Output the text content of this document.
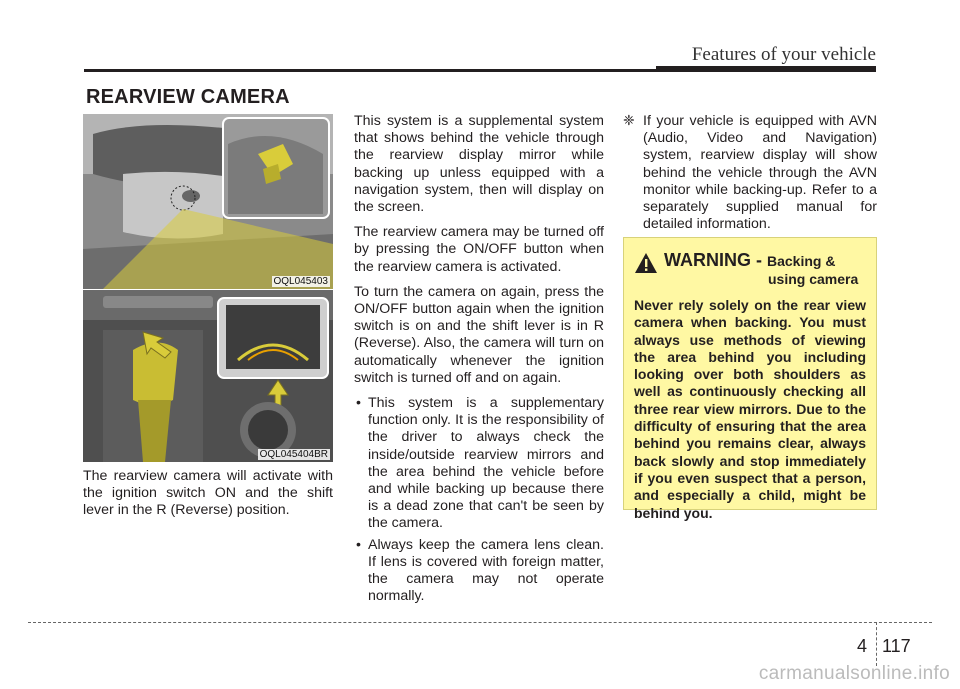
Features of your vehicle
REARVIEW CAMERA
OQL045403
OQL045404BR

The rearview camera will activate with the ignition switch ON and the shift lever in the R (Reverse) position.

This system is a supplemental system that shows behind the vehicle through the rearview display mirror while backing up unless equipped with a navigation system, then will display on the screen.

The rearview camera may be turned off by pressing the ON/OFF button when the rearview camera is activated.

To turn the camera on again, press the ON/OFF button again when the ignition switch is on and the shift lever is in R (Reverse). Also, the camera will turn on automatically whenever the ignition switch is turned off and on again.

• This system is a supplementary function only. It is the responsibility of the driver to always check the inside/outside rearview mirrors and the area behind the vehicle before and while backing up because there is a dead zone that can't be seen by the camera.
• Always keep the camera lens clean. If lens is covered with foreign matter, the camera may not operate normally.
❈ If your vehicle is equipped with AVN (Audio, Video and Navigation) system, rearview display will show behind the vehicle through the AVN monitor while backing-up. Refer to a separately supplied manual for detailed information.
WARNING - Backing &
using camera
Never rely solely on the rear view camera when backing. You must always use methods of viewing the area behind you including looking over both shoulders as well as continuously checking all three rear view mirrors. Due to the difficulty of ensuring that the area behind you remains clear, always back slowly and stop immediately if you even suspect that a person, and especially a child, might be behind you.
4 117
carmanualsonline.info
